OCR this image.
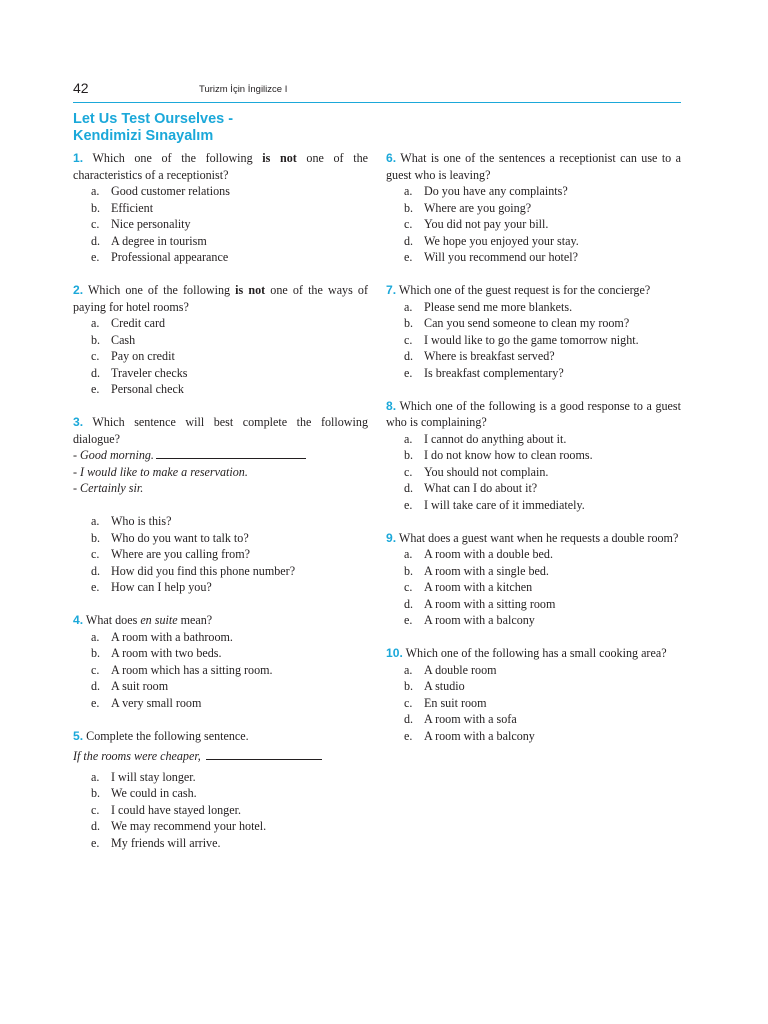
42	Turizm İçin İngilizce I
Let Us Test Ourselves -
Kendimizi Sınayalım

1. Which one of the following is not one of the characteristics of a receptionist?

a. Good customer relations
b. Efficient
c. Nice personality
d. A degree in tourism
e. Professional appearance

2. Which one of the following is not one of the ways of paying for hotel rooms?

a. Credit card
b. Cash
c. Pay on credit
d. Traveler checks
e. Personal check

3. Which sentence will best complete the following dialogue?

- Good morning.

- I would like to make a reservation.

- Certainly sir.

a. Who is this?
b. Who do you want to talk to?
c. Where are you calling from?
d. How did you find this phone number?
e. How can I help you?

4. What does en suite mean?

a. A room with a bathroom.
b. A room with two beds.
c. A room which has a sitting room.
d. A suit room
e. A very small room

5. Complete the following sentence.

If the rooms were cheaper,

a. I will stay longer.
b. We could in cash.
c. I could have stayed longer.
d. We may recommend your hotel.
e. My friends will arrive.

6. What is one of the sentences a receptionist can use to a guest who is leaving?

a. Do you have any complaints?
b. Where are you going?
c. You did not pay your bill.
d. We hope you enjoyed your stay.
e. Will you recommend our hotel?

7. Which one of the guest request is for the concierge?

a. Please send me more blankets.
b. Can you send someone to clean my room?
c. I would like to go the game tomorrow night.
d. Where is breakfast served?
e. Is breakfast complementary?

8. Which one of the following is a good response to a guest who is complaining?

a. I cannot do anything about it.
b. I do not know how to clean rooms.
c. You should not complain.
d. What can I do about it?
e. I will take care of it immediately.

9. What does a guest want when he requests a double room?

a. A room with a double bed.
b. A room with a single bed.
c. A room with a kitchen
d. A room with a sitting room
e. A room with a balcony

10. Which one of the following has a small cooking area?

a. A double room
b. A studio
c. En suit room
d. A room with a sofa
e. A room with a balcony
